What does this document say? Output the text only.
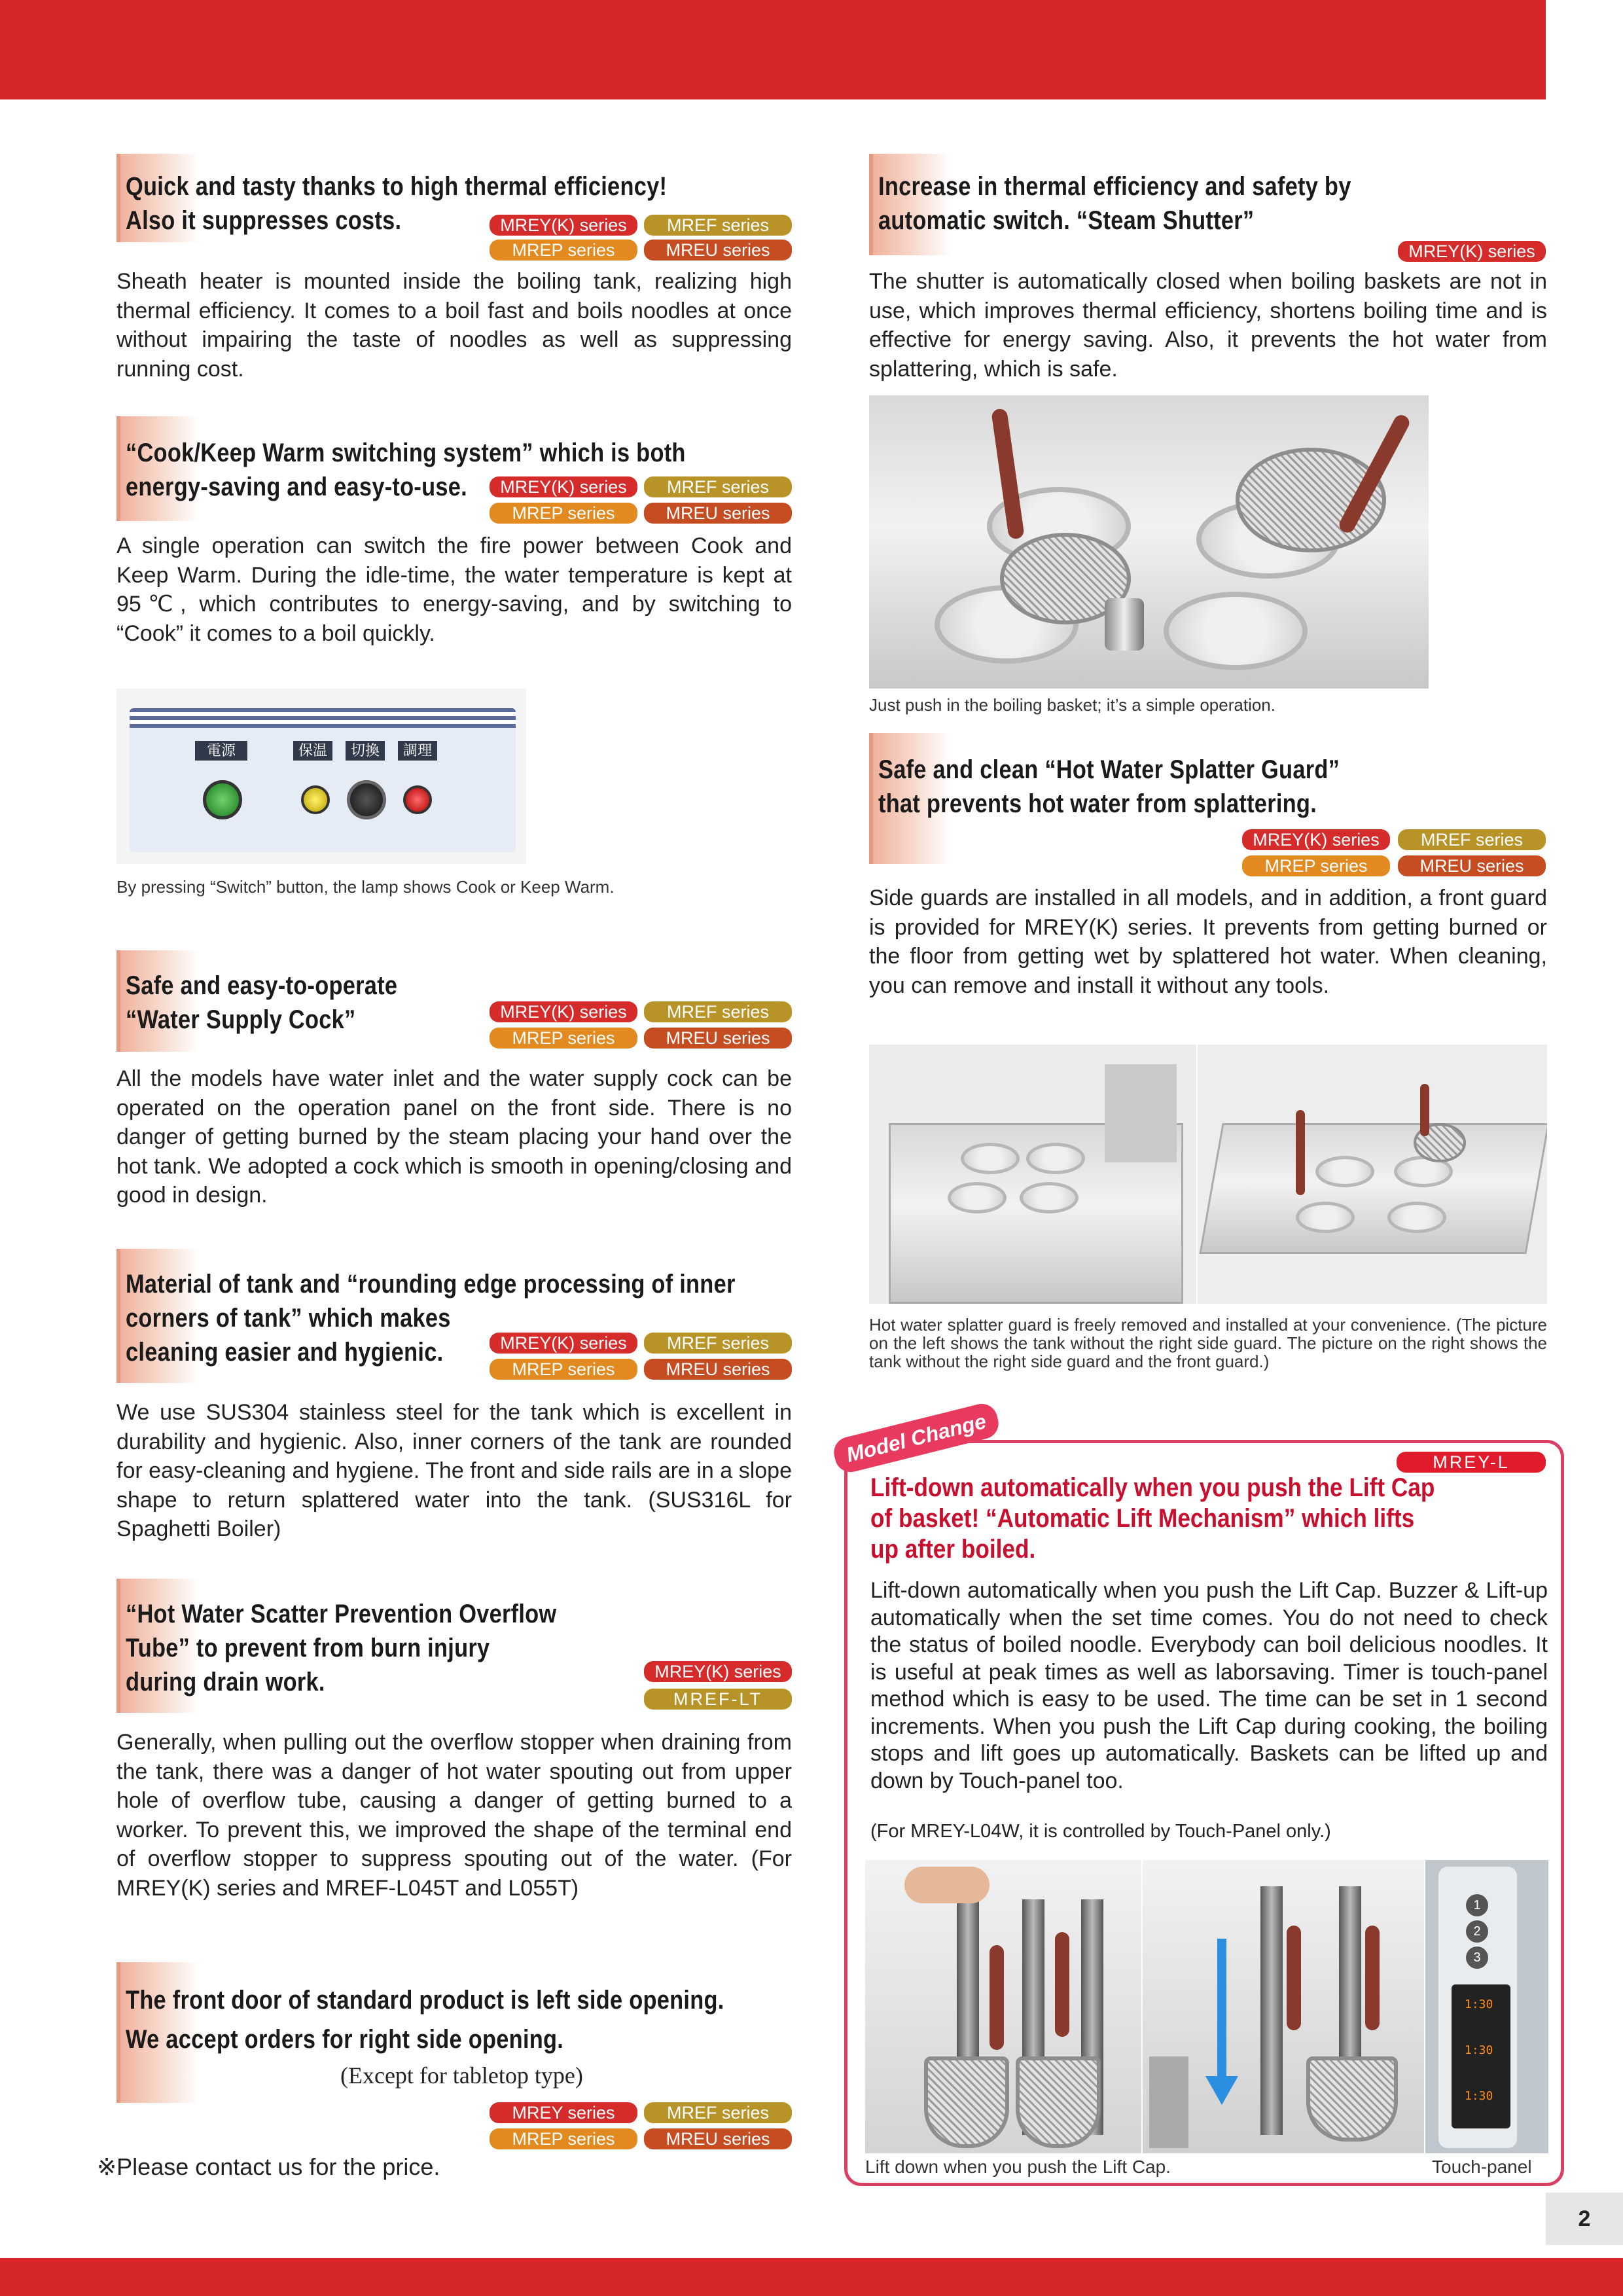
Quick and tasty thanks to high thermal efficiency!
Also it suppresses costs.	MREY(K) series	MREF series
MREP series	MREU series
Sheath heater is mounted inside the boiling tank, realizing high thermal efficiency. It comes to a boil fast and boils noodles at once without impairing the taste of noodles as well as suppressing running cost.
“Cook/Keep Warm switching system” which is both
energy-saving and easy-to-use.	MREY(K) series	MREF series
MREP series	MREU series
A single operation can switch the fire power between Cook and Keep Warm. During the idle-time, the water temperature is kept at 95℃, which contributes to energy-saving, and by switching to “Cook” it comes to a boil quickly.
電源	保温	切換	調理
By pressing “Switch” button, the lamp shows Cook or Keep Warm.
Safe and easy-to-operate
“Water Supply Cock”	MREY(K) series	MREF series
MREP series	MREU series
All the models have water inlet and the water supply cock can be operated on the operation panel on the front side. There is no danger of getting burned by the steam placing your hand over the hot tank. We adopted a cock which is smooth in opening/closing and good in design.
Material of tank and “rounding edge processing of inner
corners of tank” which makes
cleaning easier and hygienic.	MREY(K) series	MREF series
MREP series	MREU series
We use SUS304 stainless steel for the tank which is excellent in durability and hygienic. Also, inner corners of the tank are rounded for easy-cleaning and hygiene. The front and side rails are in a slope shape to return splattered water into the tank. (SUS316L for Spaghetti Boiler)
“Hot Water Scatter Prevention Overflow
Tube” to prevent from burn injury
during drain work.	MREY(K) series
MREF-LT
Generally, when pulling out the overflow stopper when draining from the tank, there was a danger of hot water spouting out from upper hole of overflow tube, causing a danger of getting burned to a worker. To prevent this, we improved the shape of the terminal end of overflow stopper to suppress spouting out of the water. (For MREY(K) series and MREF-L045T and L055T)
The front door of standard product is left side opening.
We accept orders for right side opening.
(Except for tabletop type)
MREY series	MREF series
MREP series	MREU series
※Please contact us for the price.
Increase in thermal efficiency and safety by
automatic switch. “Steam Shutter”
MREY(K) series
The shutter is automatically closed when boiling baskets are not in use, which improves thermal efficiency, shortens boiling time and is effective for energy saving. Also, it prevents the hot water from splattering, which is safe.
Just push in the boiling basket; it’s a simple operation.
Safe and clean “Hot Water Splatter Guard”
that prevents hot water from splattering.
MREY(K) series	MREF series
MREP series	MREU series
Side guards are installed in all models, and in addition, a front guard is provided for MREY(K) series. It prevents from getting burned or the floor from getting wet by splattered hot water. When cleaning, you can remove and install it without any tools.
Hot water splatter guard is freely removed and installed at your convenience. (The picture on the left shows the tank without the right side guard. The picture on the right shows the tank without the right side guard and the front guard.)
Model Change	MREY-L
Lift-down automatically when you push the Lift Cap
of basket! “Automatic Lift Mechanism” which lifts
up after boiled.
Lift-down automatically when you push the Lift Cap. Buzzer & Lift-up automatically when the set time comes. You do not need to check the status of boiled noodle. Everybody can boil delicious noodles. It is useful at peak times as well as laborsaving. Timer is touch-panel method which is easy to be used. The time can be set in 1 second increments. When you push the Lift Cap during cooking, the boiling stops and lift goes up automatically. Baskets can be lifted up and down by Touch-panel too.
(For MREY-L04W, it is controlled by Touch-Panel only.)
1
2
3
1:30
1:30
1:30
Lift down when you push the Lift Cap.	Touch-panel
2
